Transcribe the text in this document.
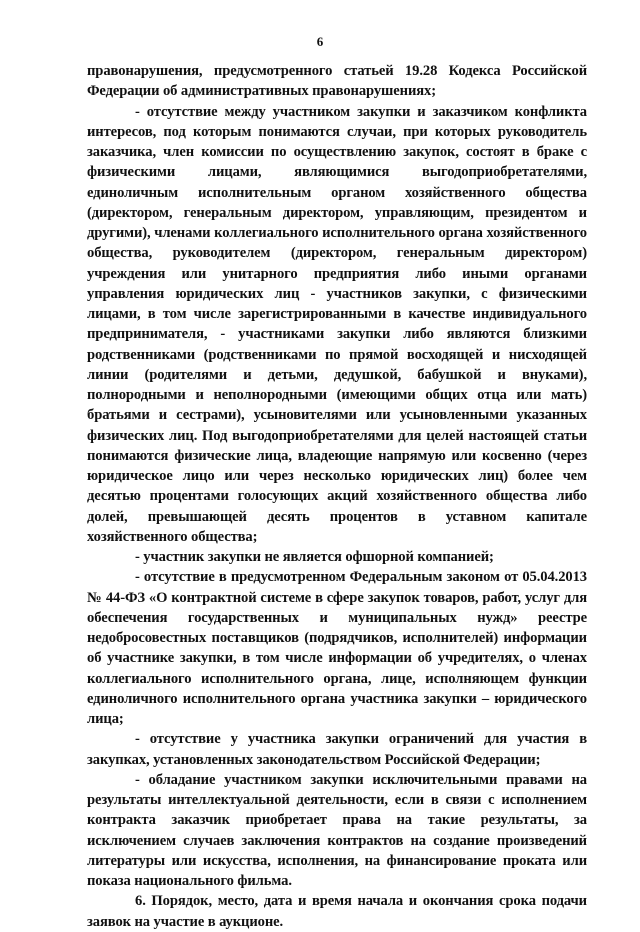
6

правонарушения, предусмотренного статьей 19.28 Кодекса Российской Федерации об административных правонарушениях;

- отсутствие между участником закупки и заказчиком конфликта интересов, под которым понимаются случаи, при которых руководитель заказчика, член комиссии по осуществлению закупок, состоят в браке с физическими лицами, являющимися выгодоприобретателями, единоличным исполнительным органом хозяйственного общества (директором, генеральным директором, управляющим, президентом и другими), членами коллегиального исполнительного органа хозяйственного общества, руководителем (директором, генеральным директором) учреждения или унитарного предприятия либо иными органами управления юридических лиц - участников закупки, с физическими лицами, в том числе зарегистрированными в качестве индивидуального предпринимателя, - участниками закупки либо являются близкими родственниками (родственниками по прямой восходящей и нисходящей линии (родителями и детьми, дедушкой, бабушкой и внуками), полнородными и неполнородными (имеющими общих отца или мать) братьями и сестрами), усыновителями или усыновленными указанных физических лиц. Под выгодоприобретателями для целей настоящей статьи понимаются физические лица, владеющие напрямую или косвенно (через юридическое лицо или через несколько юридических лиц) более чем десятью процентами голосующих акций хозяйственного общества либо долей, превышающей десять процентов в уставном капитале хозяйственного общества;

- участник закупки не является офшорной компанией;

- отсутствие в предусмотренном Федеральным законом от 05.04.2013 № 44-ФЗ «О контрактной системе в сфере закупок товаров, работ, услуг для обеспечения государственных и муниципальных нужд» реестре недобросовестных поставщиков (подрядчиков, исполнителей) информации об участнике закупки, в том числе информации об учредителях, о членах коллегиального исполнительного органа, лице, исполняющем функции единоличного исполнительного органа участника закупки – юридического лица;

- отсутствие у участника закупки ограничений для участия в закупках, установленных законодательством Российской Федерации;

- обладание участником закупки исключительными правами на результаты интеллектуальной деятельности, если в связи с исполнением контракта заказчик приобретает права на такие результаты, за исключением случаев заключения контрактов на создание произведений литературы или искусства, исполнения, на финансирование проката или показа национального фильма.

6. Порядок, место, дата и время начала и окончания срока подачи заявок на участие в аукционе.
